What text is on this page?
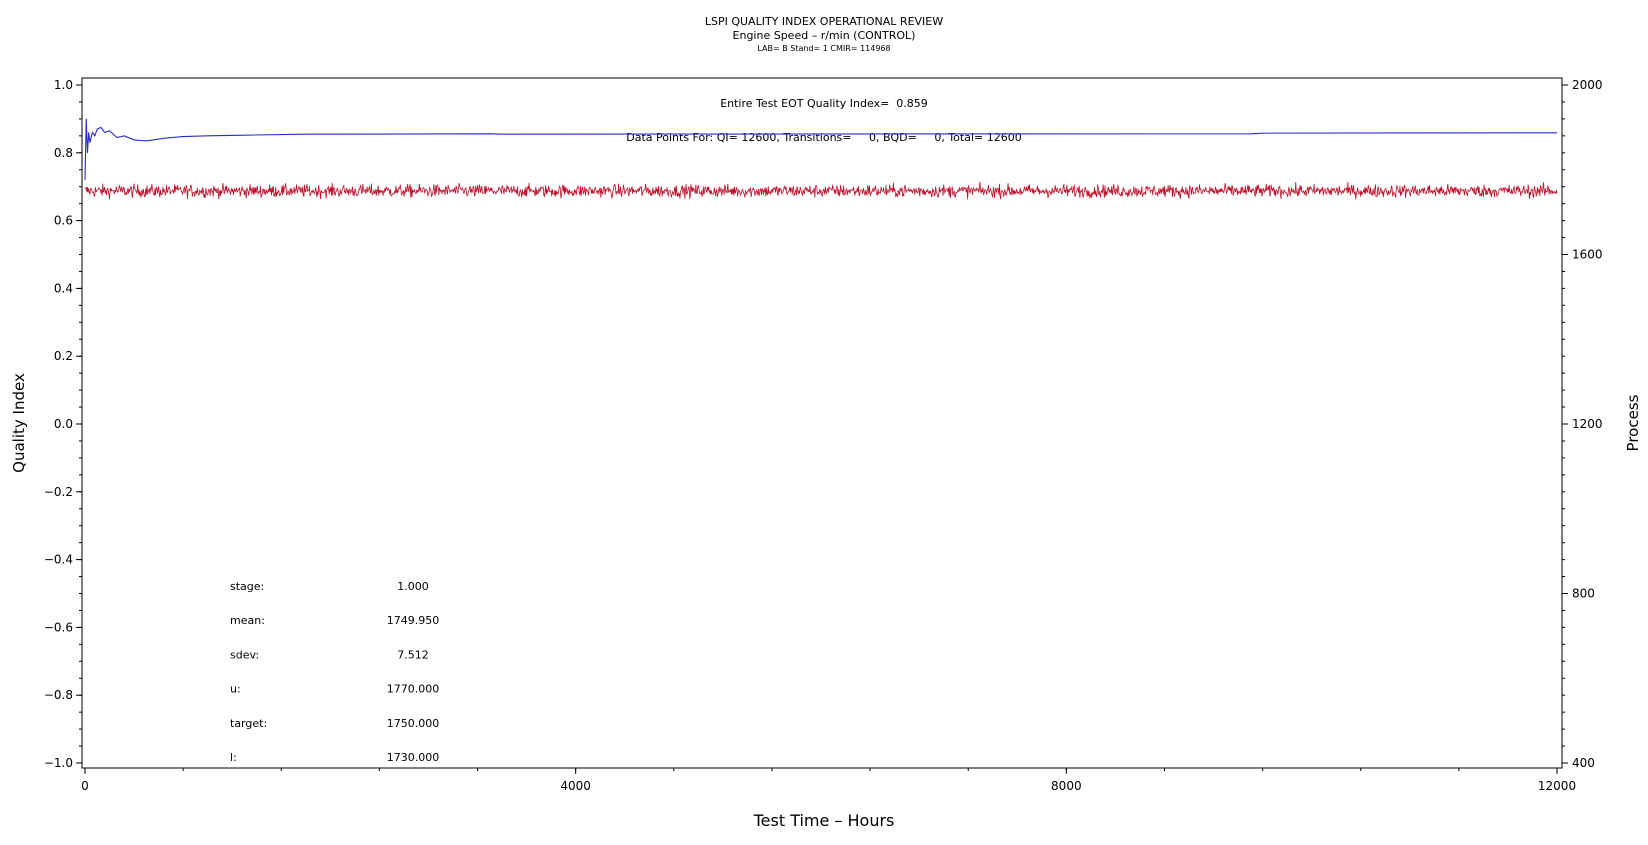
LSPI QUALITY INDEX OPERATIONAL REVIEW
Engine Speed – r/min (CONTROL)
LAB= B Stand= 1 CMIR= 114968
Entire Test EOT Quality Index=  0.859
Data Points For: QI= 12600, Transitions=     0, BQD=     0, Total= 12600
1.0
0.8
0.6
0.4
0.2
0.0
−0.2
−0.4
−0.6
−0.8
−1.0
2000
1600
1200
800
400
0	4000	8000	12000
stage:	1.000
mean:	1749.950
sdev:	7.512
u:	1770.000
target:	1750.000
l:	1730.000
Test Time – Hours
Quality Index	Process
